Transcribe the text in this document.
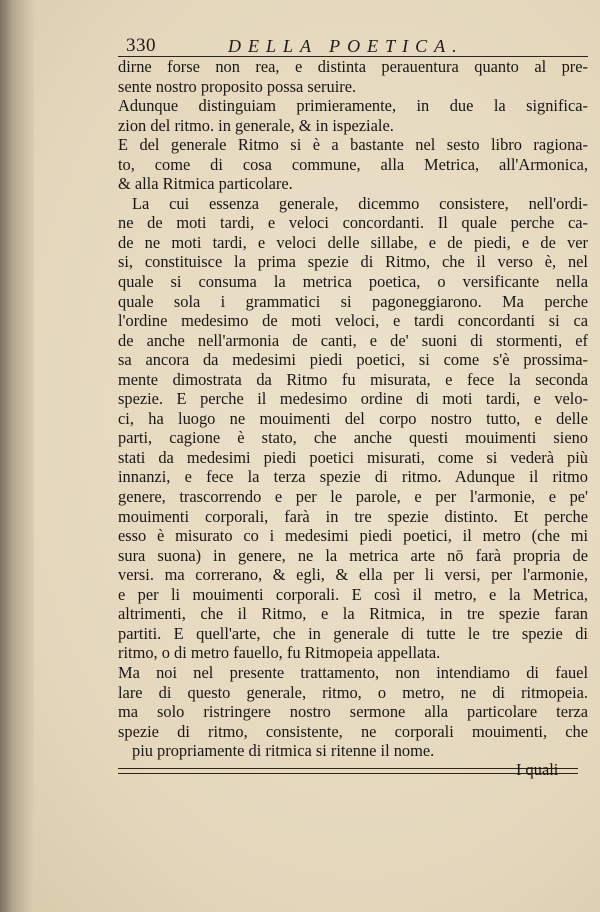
330	DELLA POETICA.
dirne forse non rea, e distinta perauentura quanto al pre-
sente nostro proposito possa seruire.
Adunque distinguiam primieramente, in due la significa-
zion del ritmo. in generale, & in ispeziale.
E del generale Ritmo si è a bastante nel sesto libro ragiona-
to, come di cosa commune, alla Metrica, all'Armonica,
& alla Ritmica particolare.
La cui essenza generale, dicemmo consistere, nell'ordi-
ne de moti tardi, e veloci concordanti. Il quale perche ca-
de ne moti tardi, e veloci delle sillabe, e de piedi, e de ver
si, constituisce la prima spezie di Ritmo, che il verso è, nel
quale si consuma la metrica poetica, o versificante nella
quale sola i grammatici si pagoneggiarono. Ma perche
l'ordine medesimo de moti veloci, e tardi concordanti si ca
de anche nell'armonia de canti, e de' suoni di stormenti, ef
sa ancora da medesimi piedi poetici, si come s'è prossima-
mente dimostrata da Ritmo fu misurata, e fece la seconda
spezie. E perche il medesimo ordine di moti tardi, e velo-
ci, ha luogo ne mouimenti del corpo nostro tutto, e delle
parti, cagione è stato, che anche questi mouimenti sieno
stati da medesimi piedi poetici misurati, come si vederà più
innanzi, e fece la terza spezie di ritmo. Adunque il ritmo
genere, trascorrendo e per le parole, e per l'armonie, e pe'
mouimenti corporali, farà in tre spezie distinto. Et perche
esso è misurato co i medesimi piedi poetici, il metro (che mi
sura suona) in genere, ne la metrica arte nō farà propria de
versi. ma correrano, & egli, & ella per li versi, per l'armonie,
e per li mouimenti corporali. E così il metro, e la Metrica,
altrimenti, che il Ritmo, e la Ritmica, in tre spezie faran
partiti. E quell'arte, che in generale di tutte le tre spezie di
ritmo, o di metro fauello, fu Ritmopeia appellata.
Ma noi nel presente trattamento, non intendiamo di fauel
lare di questo generale, ritmo, o metro, ne di ritmopeia.
ma solo ristringere nostro sermone alla particolare terza
spezie di ritmo, consistente, ne corporali mouimenti, che
piu propriamente di ritmica si ritenne il nome.
I quali
